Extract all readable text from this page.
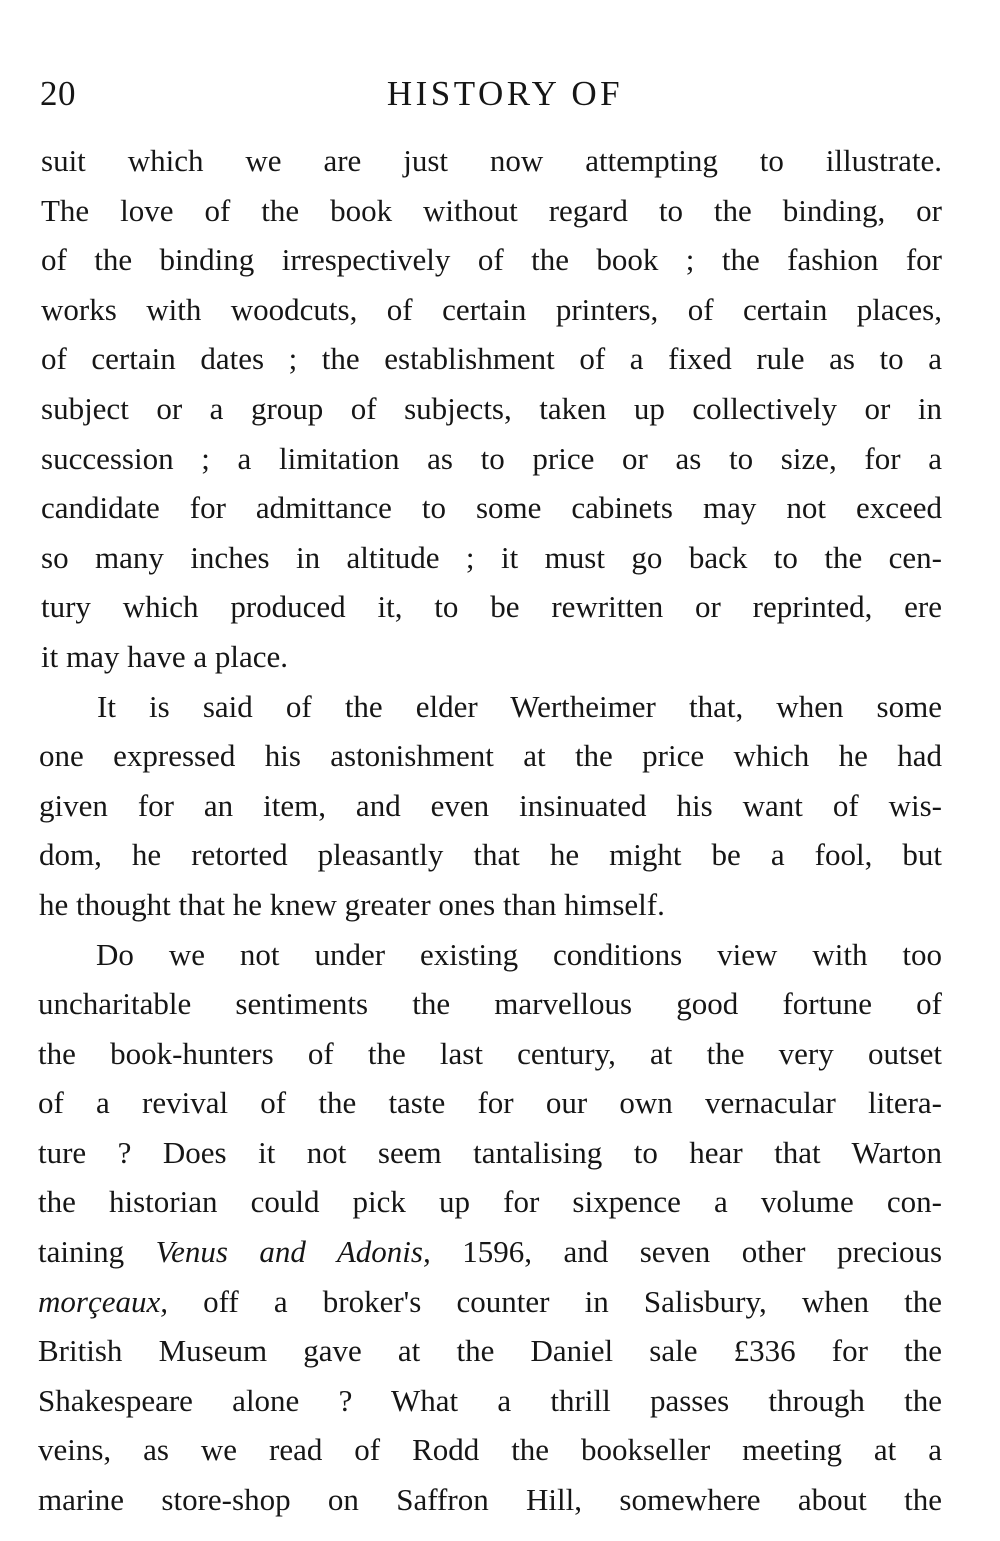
20	HISTORY OF
suit which we are just now attempting to illustrate.
The love of the book without regard to the binding, or
of the binding irrespectively of the book ; the fashion for
works with woodcuts, of certain printers, of certain places,
of certain dates ; the establishment of a fixed rule as to a
subject or a group of subjects, taken up collectively or in
succession ; a limitation as to price or as to size, for a
candidate for admittance to some cabinets may not exceed
so many inches in altitude ; it must go back to the cen-
tury which produced it, to be rewritten or reprinted, ere
it may have a place.
It is said of the elder Wertheimer that, when some
one expressed his astonishment at the price which he had
given for an item, and even insinuated his want of wis-
dom, he retorted pleasantly that he might be a fool, but
he thought that he knew greater ones than himself.
Do we not under existing conditions view with too
uncharitable sentiments the marvellous good fortune of
the book-hunters of the last century, at the very outset
of a revival of the taste for our own vernacular litera-
ture ? Does it not seem tantalising to hear that Warton
the historian could pick up for sixpence a volume con-
taining Venus and Adonis, 1596, and seven other precious
morçeaux, off a broker's counter in Salisbury, when the
British Museum gave at the Daniel sale £336 for the
Shakespeare alone ? What a thrill passes through the
veins, as we read of Rodd the bookseller meeting at a
marine store-shop on Saffron Hill, somewhere about the
